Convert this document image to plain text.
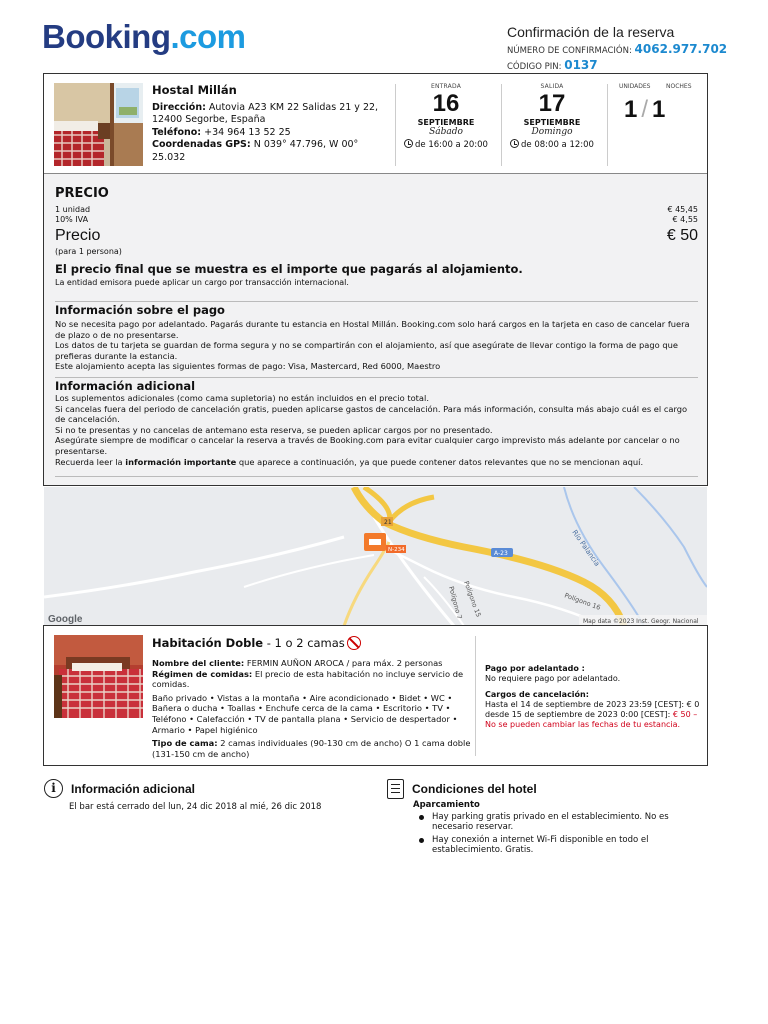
Booking.com	Confirmación de la reserva
NÚMERO DE CONFIRMACIÓN: 4062.977.702
CÓDIGO PIN: 0137
Hostal Millán
Dirección: Autovia A23 KM 22 Salidas 21 y 22, 12400 Segorbe, España
Teléfono: +34 964 13 52 25
Coordenadas GPS: N 039° 47.796, W 00° 25.032
ENTRADA
16
SEPTIEMBRE
Sábado
de 16:00 a 20:00
SALIDA
17
SEPTIEMBRE
Domingo
de 08:00 a 12:00
UNIDADES	NOCHES
1 / 1
PRECIO
1 unidad	€ 45,45
10% IVA	€ 4,55
Precio	€ 50
(para 1 persona)
El precio final que se muestra es el importe que pagarás al alojamiento.
La entidad emisora puede aplicar un cargo por transacción internacional.
Información sobre el pago
No se necesita pago por adelantado. Pagarás durante tu estancia en Hostal Millán. Booking.com solo hará cargos en la tarjeta en caso de cancelar fuera de plazo o de no presentarse.
Los datos de tu tarjeta se guardan de forma segura y no se compartirán con el alojamiento, así que asegúrate de llevar contigo la forma de pago que prefieras durante la estancia.
Este alojamiento acepta las siguientes formas de pago: Visa, Mastercard, Red 6000, Maestro
Información adicional
Los suplementos adicionales (como cama supletoria) no están incluidos en el precio total.
Si cancelas fuera del periodo de cancelación gratis, pueden aplicarse gastos de cancelación. Para más información, consulta más abajo cuál es el cargo de cancelación.
Si no te presentas y no cancelas de antemano esta reserva, se pueden aplicar cargos por no presentado.
Asegúrate siempre de modificar o cancelar la reserva a través de Booking.com para evitar cualquier cargo imprevisto más adelante por cancelar o no presentarse.
Recuerda leer la información importante que aparece a continuación, ya que puede contener datos relevantes que no se mencionan aquí.
A-23
21
N-234	Río Palancia
Polígono 16
Polígono 15
Polígono 7
Google	Map data ©2023 Inst. Geogr. Nacional
Habitación Doble - 1 o 2 camas
Nombre del cliente: FERMIN AUÑON AROCA / para máx. 2 personas
Régimen de comidas: El precio de esta habitación no incluye servicio de comidas.
Baño privado • Vistas a la montaña • Aire acondicionado • Bidet • WC • Bañera o ducha • Toallas • Enchufe cerca de la cama • Escritorio • TV • Teléfono • Calefacción • TV de pantalla plana • Servicio de despertador • Armario • Papel higiénico
Tipo de cama: 2 camas individuales (90-130 cm de ancho) O 1 cama doble (131-150 cm de ancho)
Pago por adelantado :
No requiere pago por adelantado.
Cargos de cancelación:
Hasta el 14 de septiembre de 2023 23:59 [CEST]: € 0
desde 15 de septiembre de 2023 0:00 [CEST]: € 50 –
No se pueden cambiar las fechas de tu estancia.
i Información adicional
El bar está cerrado del lun, 24 dic 2018 al mié, 26 dic 2018
Condiciones del hotel
Aparcamiento
Hay parking gratis privado en el establecimiento. No es necesario reservar.
Hay conexión a internet Wi-Fi disponible en todo el establecimiento. Gratis.
